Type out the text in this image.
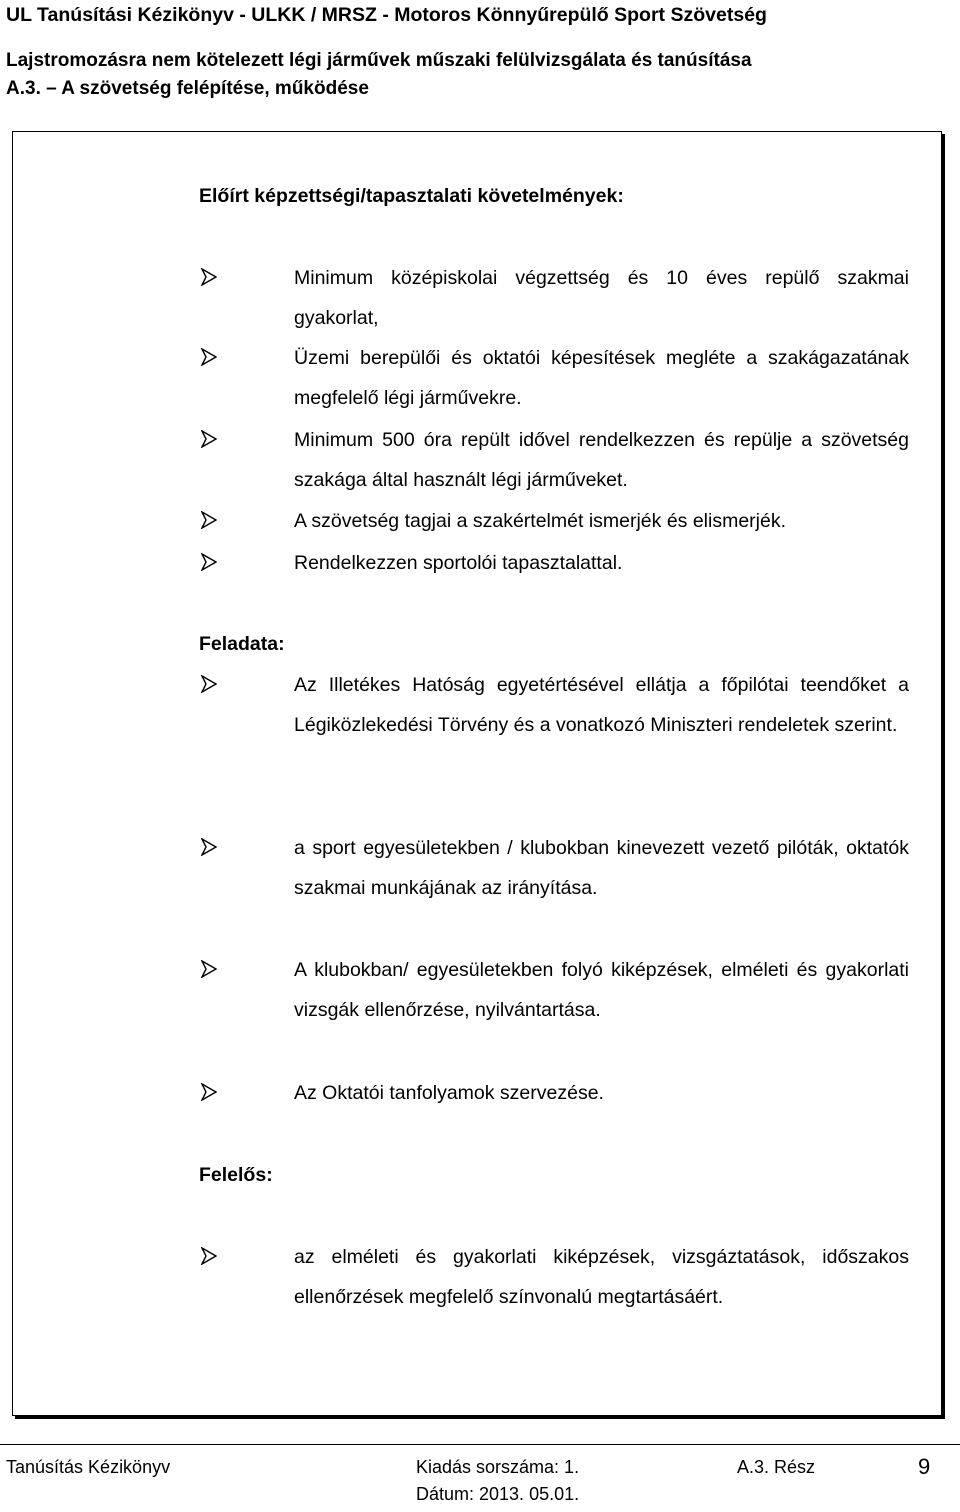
UL Tanúsítási Kézikönyv - ULKK / MRSZ - Motoros Könnyűrepülő Sport Szövetség
Lajstromozásra nem kötelezett légi járművek műszaki felülvizsgálata és tanúsítása
A.3. – A szövetség felépítése, működése
Előírt képzettségi/tapasztalati követelmények:
Minimum középiskolai végzettség és 10 éves repülő szakmai gyakorlat,
Üzemi berepülői és oktatói képesítések megléte a szakágazatának megfelelő légi járművekre.
Minimum 500 óra repült idővel rendelkezzen és repülje a szövetség szakága által használt légi járműveket.
A szövetség tagjai a szakértelmét ismerjék és elismerjék.
Rendelkezzen sportolói tapasztalattal.
Feladata:
Az Illetékes Hatóság egyetértésével ellátja a főpilótai teendőket a Légiközlekedési Törvény és a vonatkozó Miniszteri rendeletek szerint.
a sport egyesületekben / klubokban kinevezett vezető pilóták, oktatók szakmai munkájának az irányítása.
A klubokban/ egyesületekben folyó kiképzések, elméleti és gyakorlati vizsgák ellenőrzése, nyilvántartása.
Az Oktatói tanfolyamok szervezése.
Felelős:
az elméleti és gyakorlati kiképzések, vizsgáztatások, időszakos ellenőrzések megfelelő színvonalú megtartásáért.
Tanúsítás Kézikönyv	Kiadás sorszáma: 1.	A.3. Rész	9
Dátum: 2013. 05.01.
